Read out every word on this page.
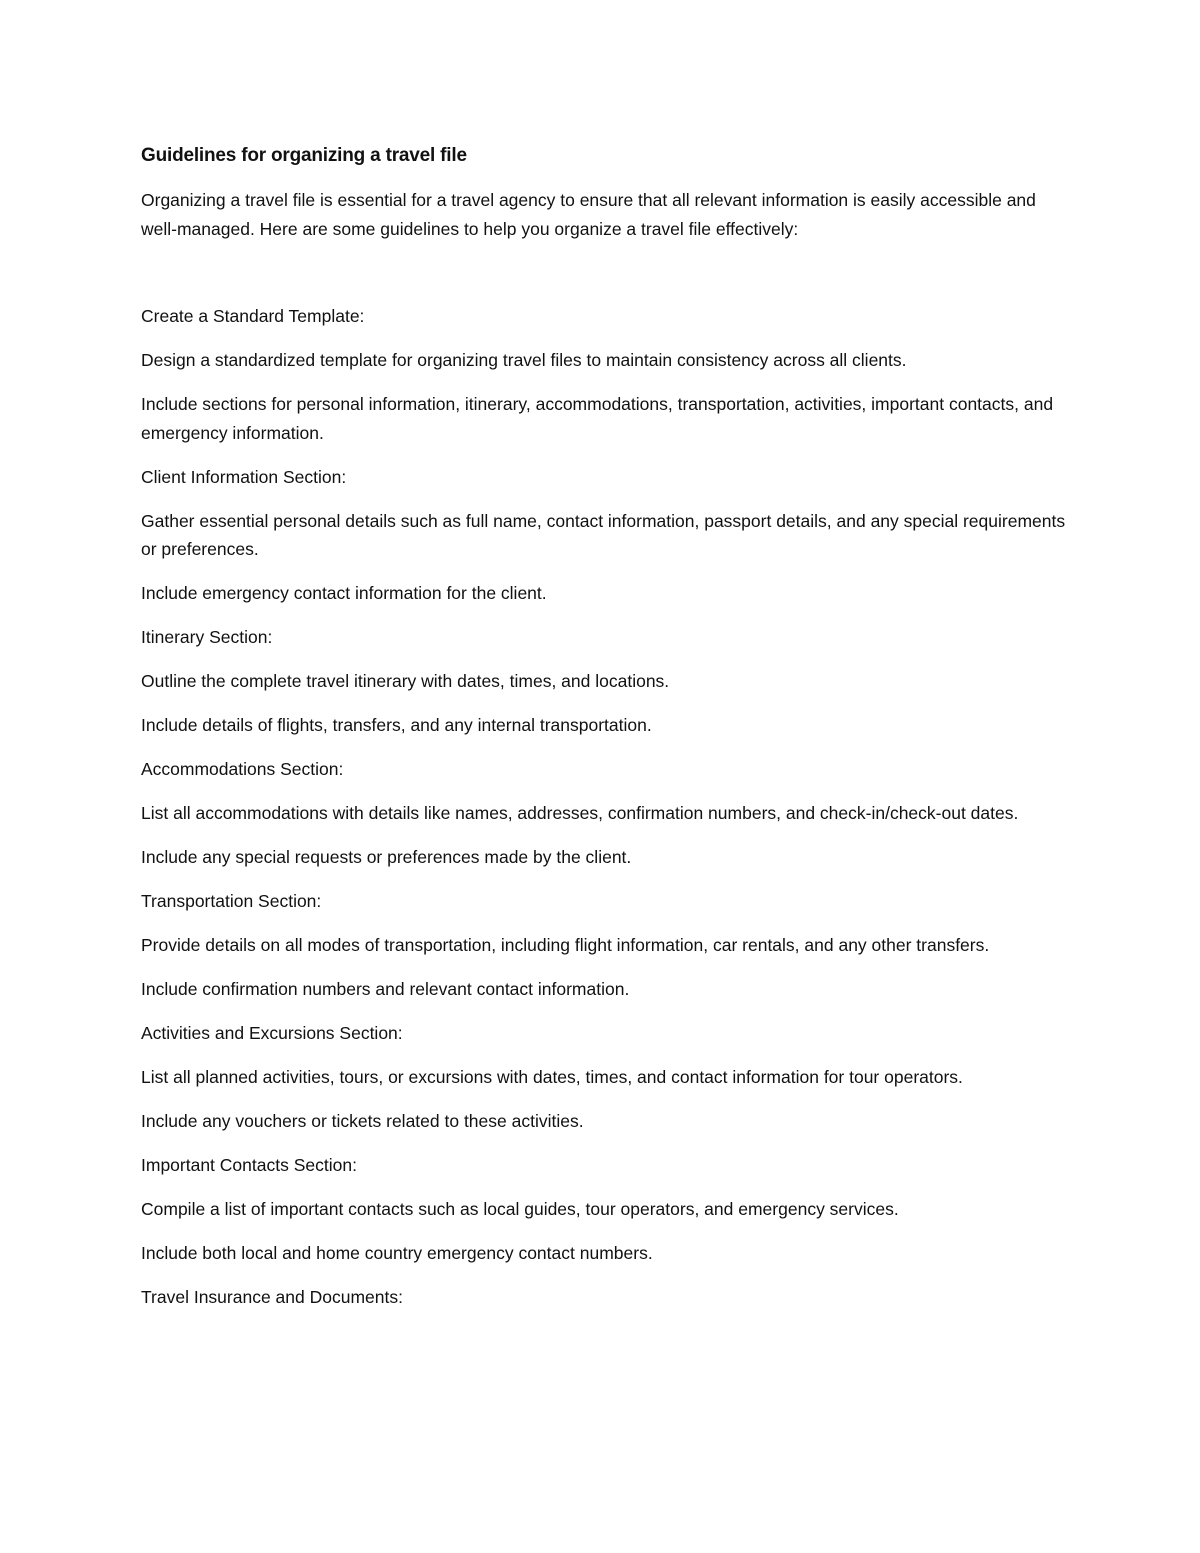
Guidelines for organizing a travel file

Organizing a travel file is essential for a travel agency to ensure that all relevant information is easily accessible and well-managed. Here are some guidelines to help you organize a travel file effectively:

Create a Standard Template:

Design a standardized template for organizing travel files to maintain consistency across all clients.

Include sections for personal information, itinerary, accommodations, transportation, activities, important contacts, and emergency information.

Client Information Section:

Gather essential personal details such as full name, contact information, passport details, and any special requirements or preferences.

Include emergency contact information for the client.

Itinerary Section:

Outline the complete travel itinerary with dates, times, and locations.

Include details of flights, transfers, and any internal transportation.

Accommodations Section:

List all accommodations with details like names, addresses, confirmation numbers, and check-in/check-out dates.

Include any special requests or preferences made by the client.

Transportation Section:

Provide details on all modes of transportation, including flight information, car rentals, and any other transfers.

Include confirmation numbers and relevant contact information.

Activities and Excursions Section:

List all planned activities, tours, or excursions with dates, times, and contact information for tour operators.

Include any vouchers or tickets related to these activities.

Important Contacts Section:

Compile a list of important contacts such as local guides, tour operators, and emergency services.

Include both local and home country emergency contact numbers.

Travel Insurance and Documents:
